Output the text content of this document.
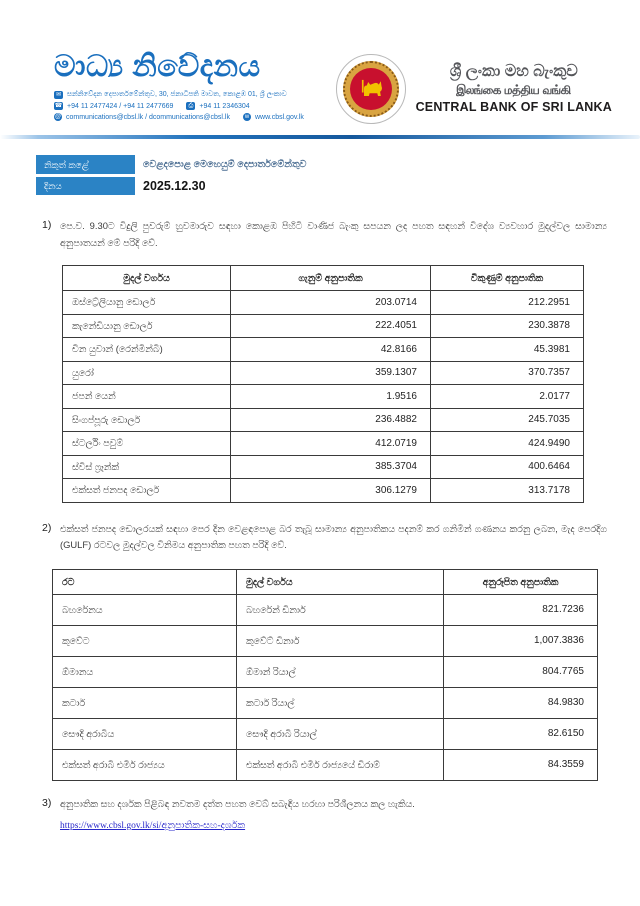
මාධ්‍ය නිවේදනය
✉ සන්නිවේදන දෙපාර්තමේන්තුව, 30, ජනාධිපති මාවත, කොළඹ 01, ශ්‍රී ලංකාව
☎ +94 11 2477424 / +94 11 2477669	⎙ +94 11 2346304
@ communications@cbsl.lk / dcommunications@cbsl.lk	w www.cbsl.gov.lk
ශ්‍රී ලංකා මහ බැංකුව
இலங்கை மத்திய வங்கி
CENTRAL BANK OF SRI LANKA
නිකුත් කළේ	වෙළදපොළ මෙහෙයුම් දෙපාර්තමේන්තුව
දිනය	2025.12.30
1) පෙ.ව. 9.30ට විදුලි පුවරුම් හුවමාරුව සඳහා කොළඹ පිහිටි වාණිජ බැංකු සපයන ලද පහත සඳහන් විදේශ ව්‍යවහාර මුදල්වල සාමාන්‍ය අනුපාතයන් මේ පරිදි වේ.
මුදල් වර්ගය	ගැනුම් අනුපාතික	විකුණුම් අනුපාතික
ඔස්ට්‍රේලියානු ඩොලර්	203.0714	212.2951
කැනේඩියානු ඩොලර්	222.4051	230.3878
චීන යුවාන් (රෙන්මින්බි)	42.8166	45.3981
යුරෝ	359.1307	370.7357
ජපන් යෙන්	1.9516	2.0177
සිංගප්පූරු ඩොලර්	236.4882	245.7035
ස්ටර්ලිං පවුම්	412.0719	424.9490
ස්විස් ෆ්‍රෑන්ක්	385.3704	400.6464
එක්සත් ජනපද ඩොලර්	306.1279	313.7178
2) එක්සත් ජනපද ඩොලරයක් සඳහා පෙර දින වෙළඳපොළ බර තැබූ සාමාන්‍ය අනුපාතිකය පදනම් කර ගනිමින් ගණනය කරනු ලබන, මැද පෙරදිග (GULF) රටවල මුදල්වල විනිමය අනුපාතික පහත පරිදි වේ.
රට	මුදල් වර්ගය	අනුරූපිත අනුපාතික
බහරේනය	බහරේන් ඩිනාර්	821.7236
කුවේට	කුවේට් ඩිනාර්	1,007.3836
ඕමානය	ඕමාන් රියාල්	804.7765
කටාර්	කටාර් රියාල්	84.9830
සෞදි අරාබිය	සෞදි අරාබි රියාල්	82.6150
එක්සත් අරාබි එමීර් රාජ්‍යය	එක්සත් අරාබි එමීර් රාජ්‍යයේ ඩිරාම්	84.3559
3) අනුපාතික සහ දර්ශක පිළිබඳ නවතම දත්ත පහත වෙබ් සබැඳිය හරහා පරිශීලනය කල හැකිය.
https://www.cbsl.gov.lk/si/අනුපාතික-සහ-දර්ශක
